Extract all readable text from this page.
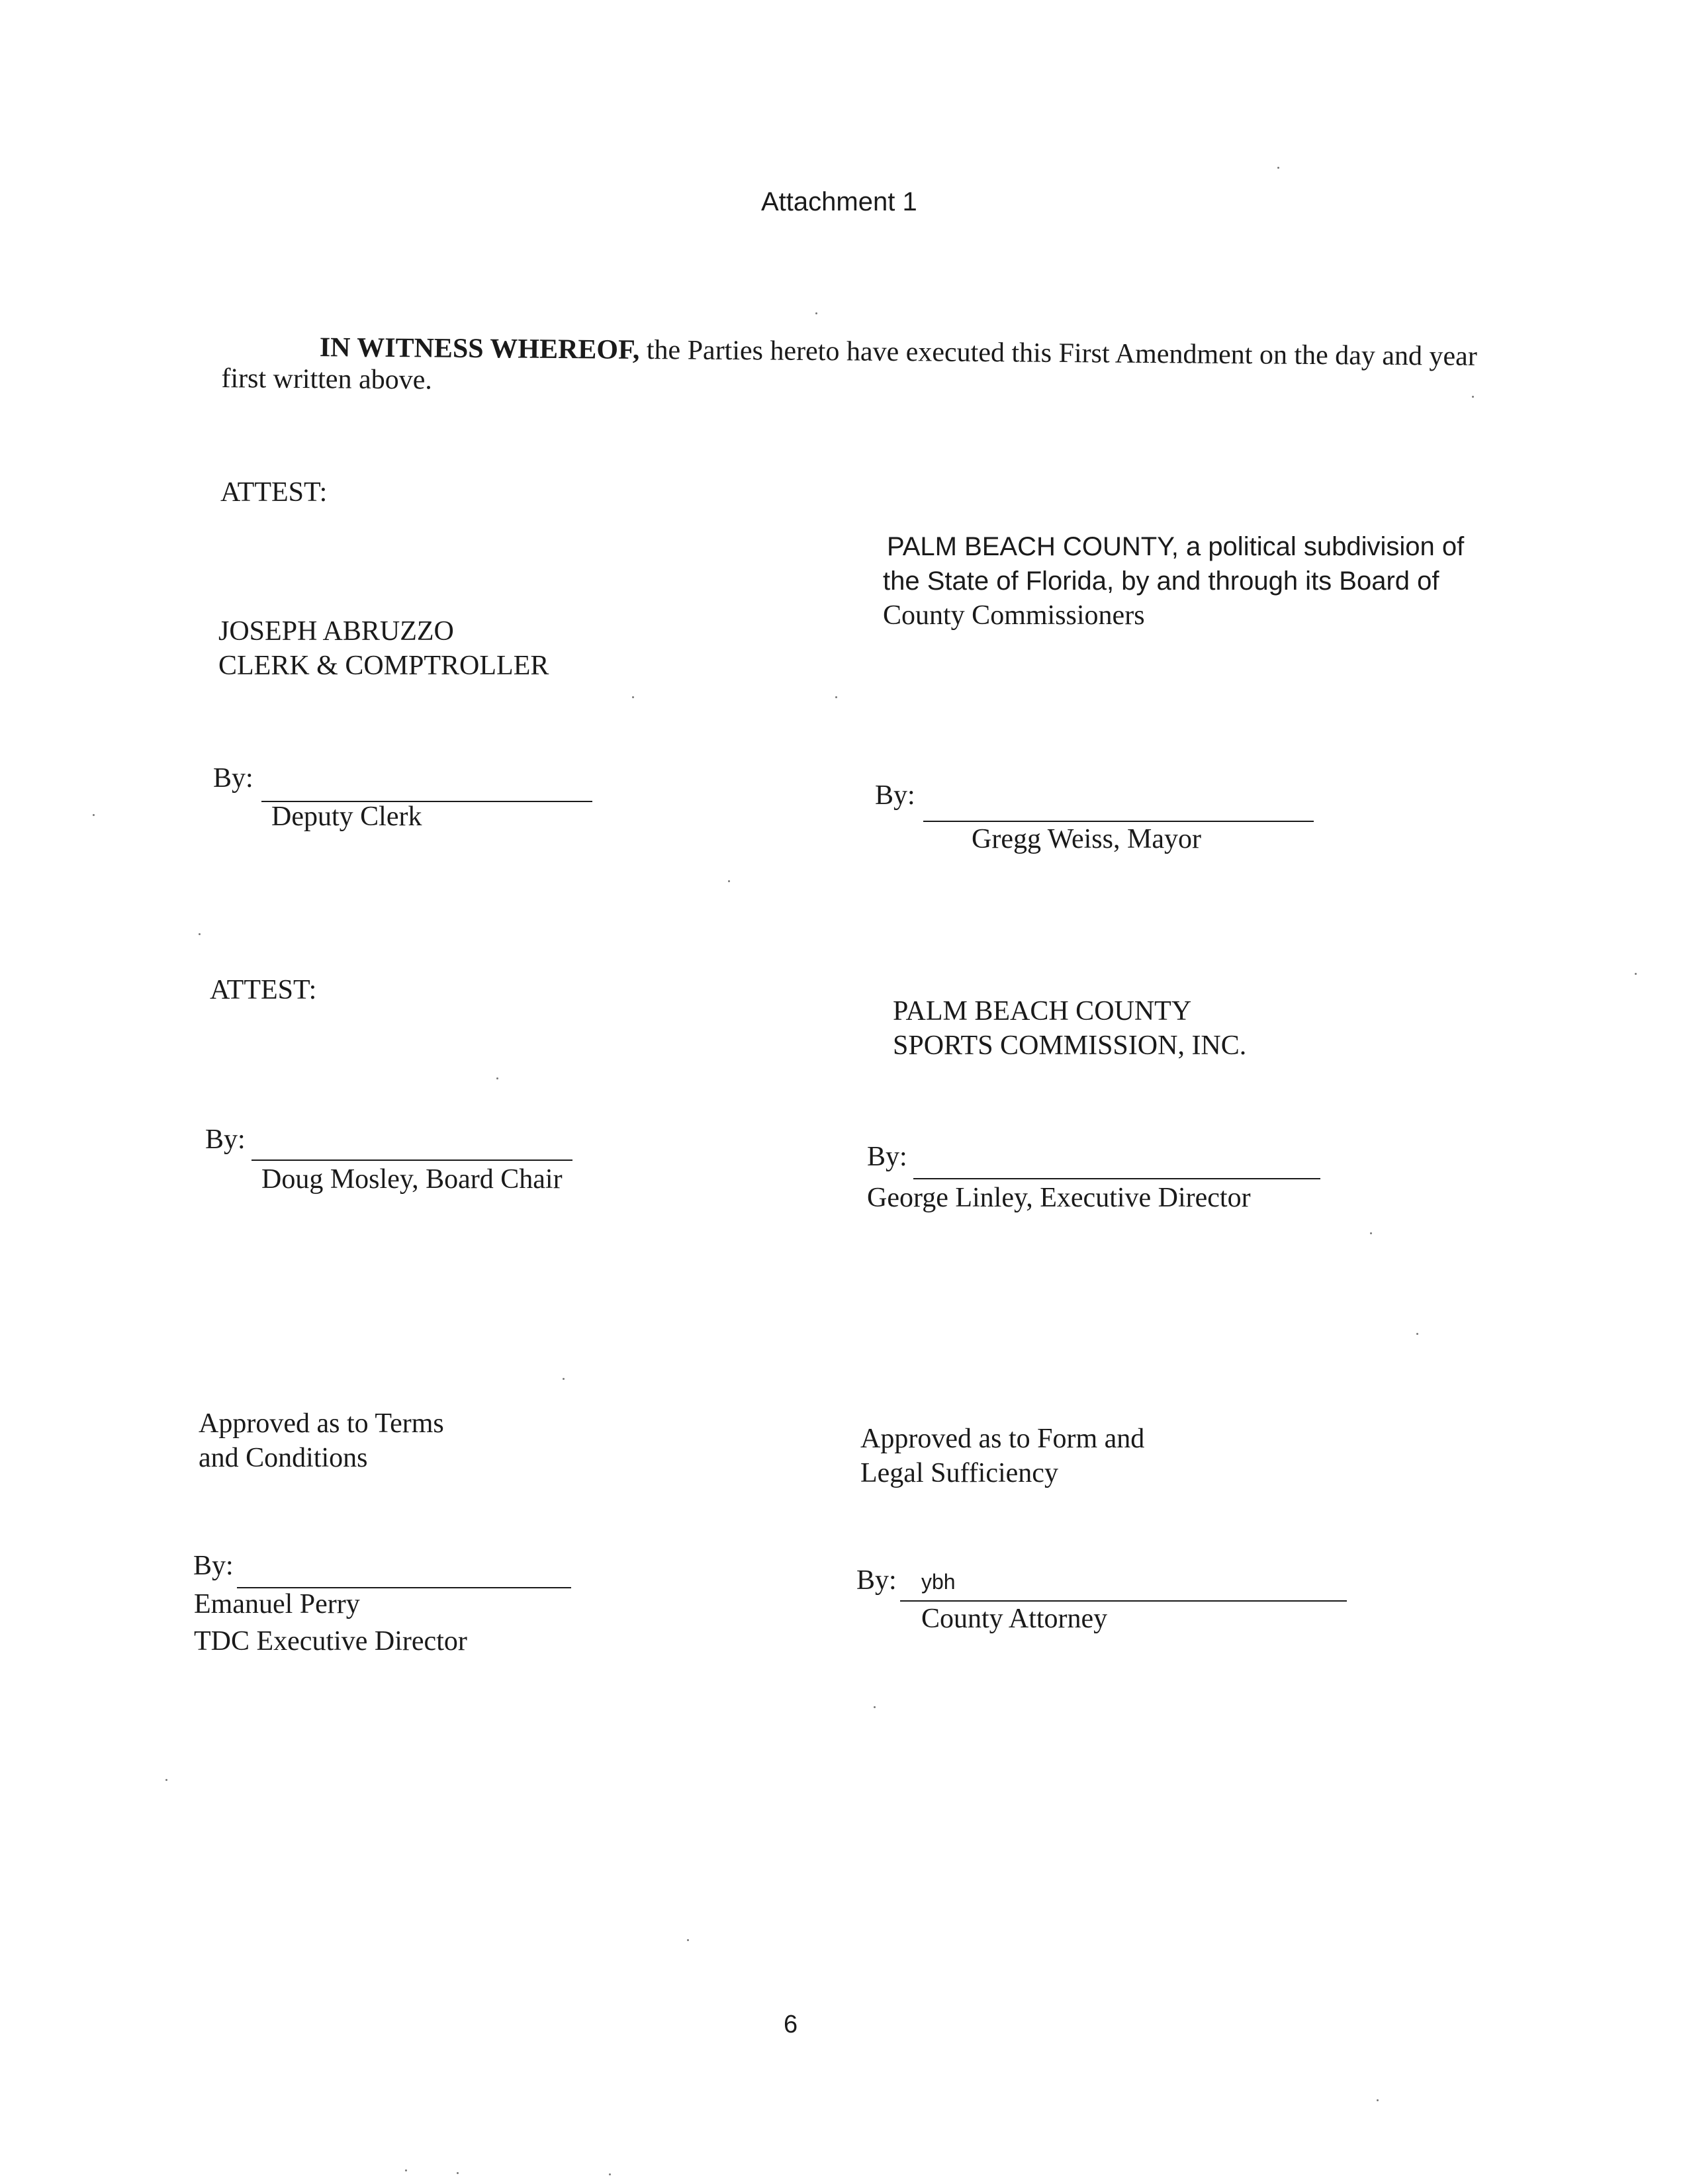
Attachment 1
IN WITNESS WHEREOF, the Parties hereto have executed this First Amendment on the day and year first written above.
ATTEST:
JOSEPH ABRUZZO
CLERK & COMPTROLLER
By:
Deputy Clerk
PALM BEACH COUNTY, a political subdivision of
the State of Florida, by and through its Board of
County Commissioners
By:
Gregg Weiss, Mayor
ATTEST:
By:
Doug Mosley, Board Chair
PALM BEACH COUNTY
SPORTS COMMISSION, INC.
By:
George Linley, Executive Director
Approved as to Terms
and Conditions
By:
Emanuel Perry
TDC Executive Director
Approved as to Form and
Legal Sufficiency
By: ybh
County Attorney
6
